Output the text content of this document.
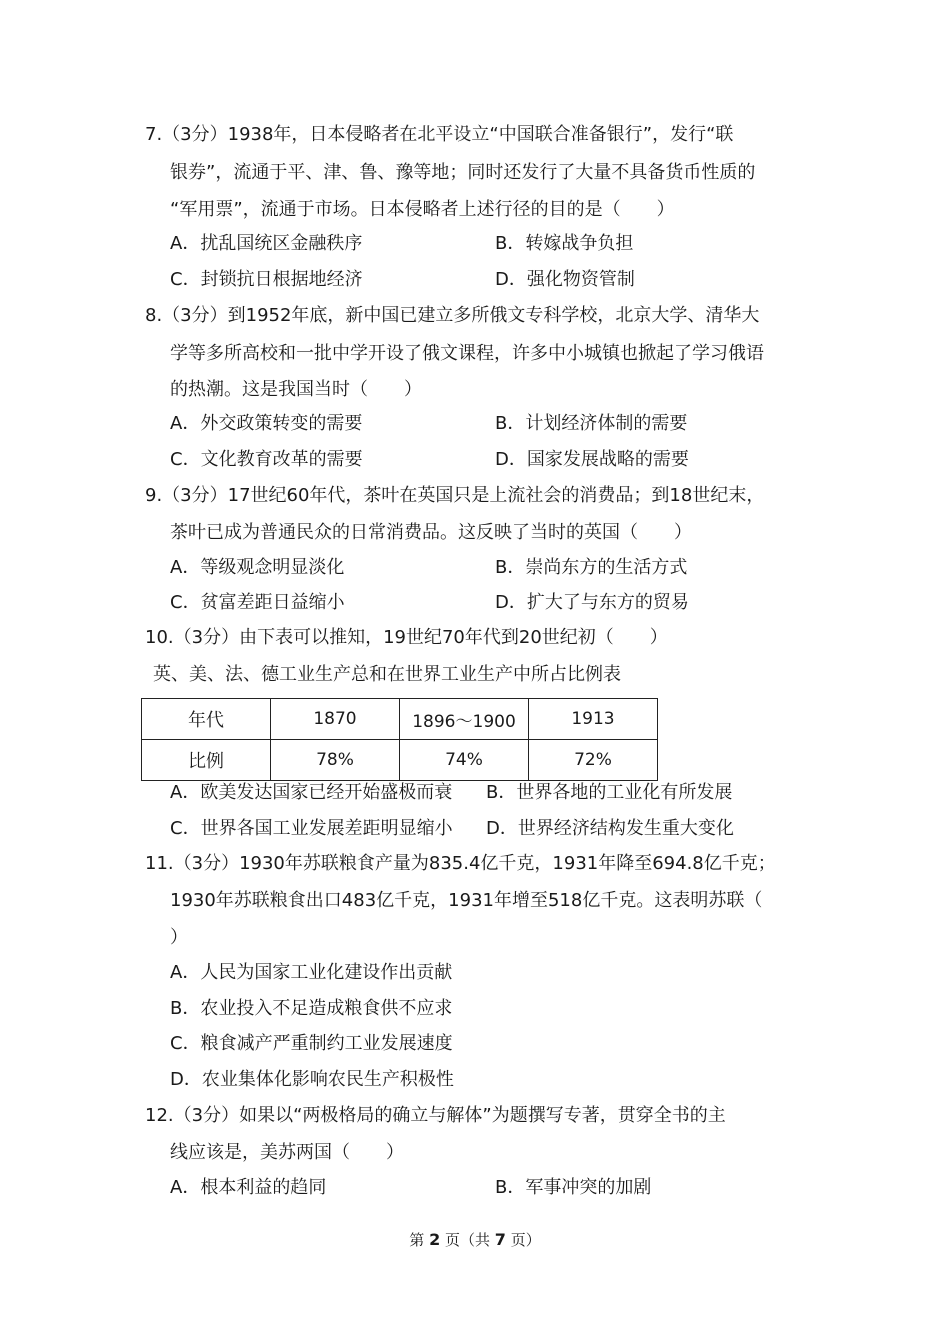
7.（3分）1938年，日本侵略者在北平设立“中国联合准备银行”，发行“联
银券”，流通于平、津、鲁、豫等地；同时还发行了大量不具备货币性质的
“军用票”，流通于市场。日本侵略者上述行径的目的是（　　）
A．扰乱国统区金融秩序	B．转嫁战争负担
C．封锁抗日根据地经济	D．强化物资管制
8.（3分）到1952年底，新中国已建立多所俄文专科学校，北京大学、清华大
学等多所高校和一批中学开设了俄文课程，许多中小城镇也掀起了学习俄语
的热潮。这是我国当时（　　）
A．外交政策转变的需要	B．计划经济体制的需要
C．文化教育改革的需要	D．国家发展战略的需要
9.（3分）17世纪60年代，茶叶在英国只是上流社会的消费品；到18世纪末，
茶叶已成为普通民众的日常消费品。这反映了当时的英国（　　）
A．等级观念明显淡化	B．崇尚东方的生活方式
C．贫富差距日益缩小	D．扩大了与东方的贸易
10.（3分）由下表可以推知，19世纪70年代到20世纪初（　　）
英、美、法、德工业生产总和在世界工业生产中所占比例表
年代	1870	1896～1900	1913
比例	78%	74%	72%
A．欧美发达国家已经开始盛极而衰 B．世界各地的工业化有所发展
C．世界各国工业发展差距明显缩小 D．世界经济结构发生重大变化
11.（3分）1930年苏联粮食产量为835.4亿千克，1931年降至694.8亿千克；
1930年苏联粮食出口483亿千克，1931年增至518亿千克。这表明苏联（
）
A．人民为国家工业化建设作出贡献
B．农业投入不足造成粮食供不应求
C．粮食减产严重制约工业发展速度
D．农业集体化影响农民生产积极性
12.（3分）如果以“两极格局的确立与解体”为题撰写专著，贯穿全书的主
线应该是，美苏两国（　　）
A．根本利益的趋同	B．军事冲突的加剧
第 2 页（共 7 页）
